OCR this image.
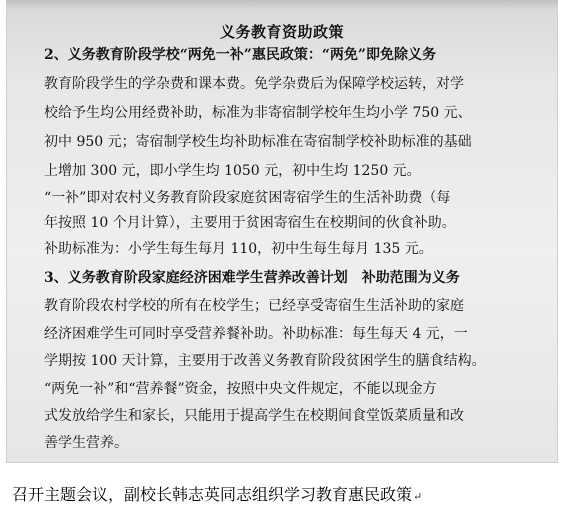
义务教育资助政策
2、义务教育阶段学校“两免一补”惠民政策：“两免”即免除义务
教育阶段学生的学杂费和课本费。免学杂费后为保障学校运转，对学
校给予生均公用经费补助，标准为非寄宿制学校年生均小学 750 元、
初中 950 元；寄宿制学校生均补助标准在寄宿制学校补助标准的基础
上增加 300 元，即小学生均 1050 元，初中生均 1250 元。
“一补”即对农村义务教育阶段家庭贫困寄宿学生的生活补助费（每
年按照 10 个月计算），主要用于贫困寄宿生在校期间的伙食补助。
补助标准为：小学生每生每月 110，初中生每生每月 135 元。
3、义务教育阶段家庭经济困难学生营养改善计划　补助范围为义务
教育阶段农村学校的所有在校学生；已经享受寄宿生生活补助的家庭
经济困难学生可同时享受营养餐补助。补助标准：每生每天 4 元，一
学期按 100 天计算，主要用于改善义务教育阶段贫困学生的膳食结构。
“两免一补”和“营养餐”资金，按照中央文件规定，不能以现金方
式发放给学生和家长，只能用于提高学生在校期间食堂饭菜质量和改
善学生营养。
召开主题会议，副校长韩志英同志组织学习教育惠民政策↵
